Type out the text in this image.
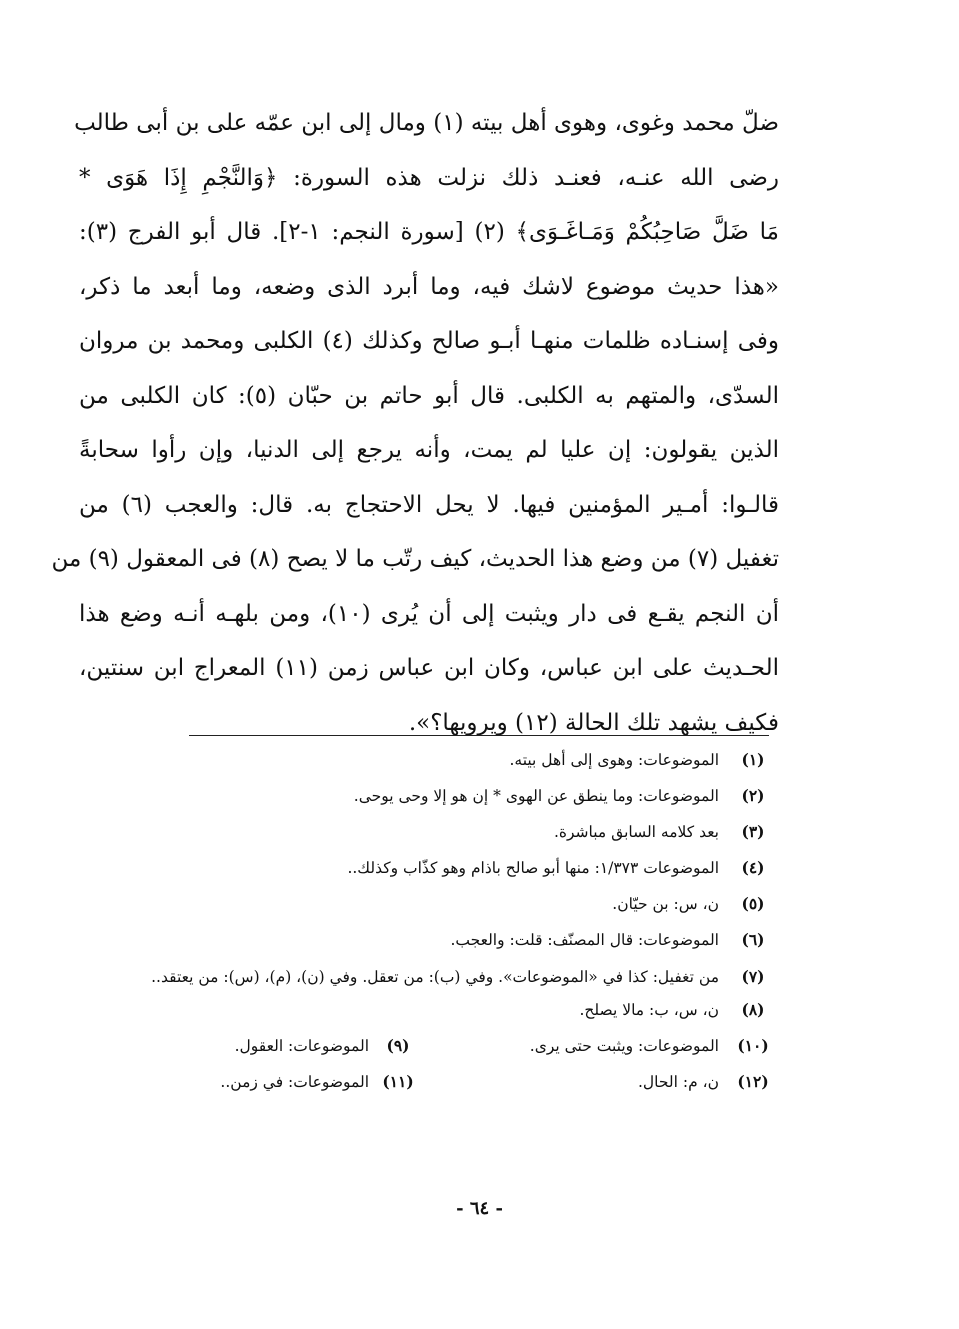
ضلّ محمد وغوى، وهوى أهل بيته (١) ومال إلى ابن عمّه على بن أبى طالب
رضى الله عنـه، فعنـد ذلك نزلت هذه السورة: ﴿وَالنَّجْمِ إِذَا هَوَى *
مَا ضَلَّ صَاحِبُكُمْ وَمَـاغَـوَى﴾ (٢) [سورة النجم: ١-٢]. قال أبو الفرج (٣):
«هذا حديث موضوع لاشك فيه، وما أبرد الذى وضعه، وما أبعد ما ذكر،
وفى إسنـاده ظلمات منهـا أبـو صالح وكذلك (٤) الكلبى ومحمد بن مروان
السدّى، والمتهم به الكلبى. قال أبو حاتم بن حبّان (٥): كان الكلبى من
الذين يقولون: إن عليا لم يمت، وأنه يرجع إلى الدنيا، وإن رأوا سحابةً
قالـوا: أمـير المؤمنين فيها. لا يحل الاحتجاج به. قال: والعجب (٦) من
تغفيل (٧) من وضع هذا الحديث، كيف رتّب ما لا يصح (٨) فى المعقول (٩) من
أن النجم يقـع فى دار ويثبت إلى أن يُرى (١٠)، ومن بلهـه أنـه وضع هذا
الحـديث على ابن عباس، وكان ابن عباس زمن (١١) المعراج ابن سنتين،
فكيف يشهد تلك الحالة (١٢) ويرويها؟».
(١)
الموضوعات: وهوى إلى أهل بيته.
(٢)
الموضوعات: وما ينطق عن الهوى * إن هو إلا وحى يوحى.
(٣)
بعد كلامه السابق مباشرة.
(٤)
الموضوعات ١/٣٧٣: منها أبو صالح باذام وهو كذّاب وكذلك..
(٥)
ن، س: بن حيّان.
(٦)
الموضوعات: قال المصنّف: قلت: والعجب.
(٧)
من تغفيل: كذا في «الموضوعات». وفي (ب): من تعقل. وفي (ن)، (م)، (س): من يعتقد..
(٨)
ن، س، ب: مالا يصلح.
(٩)
الموضوعات: العقول.	(١٠)
الموضوعات: ويثبت حتى يرى.
(١١)
الموضوعات: في زمن..	(١٢)
ن، م: الحال.
- ٦٤ -
